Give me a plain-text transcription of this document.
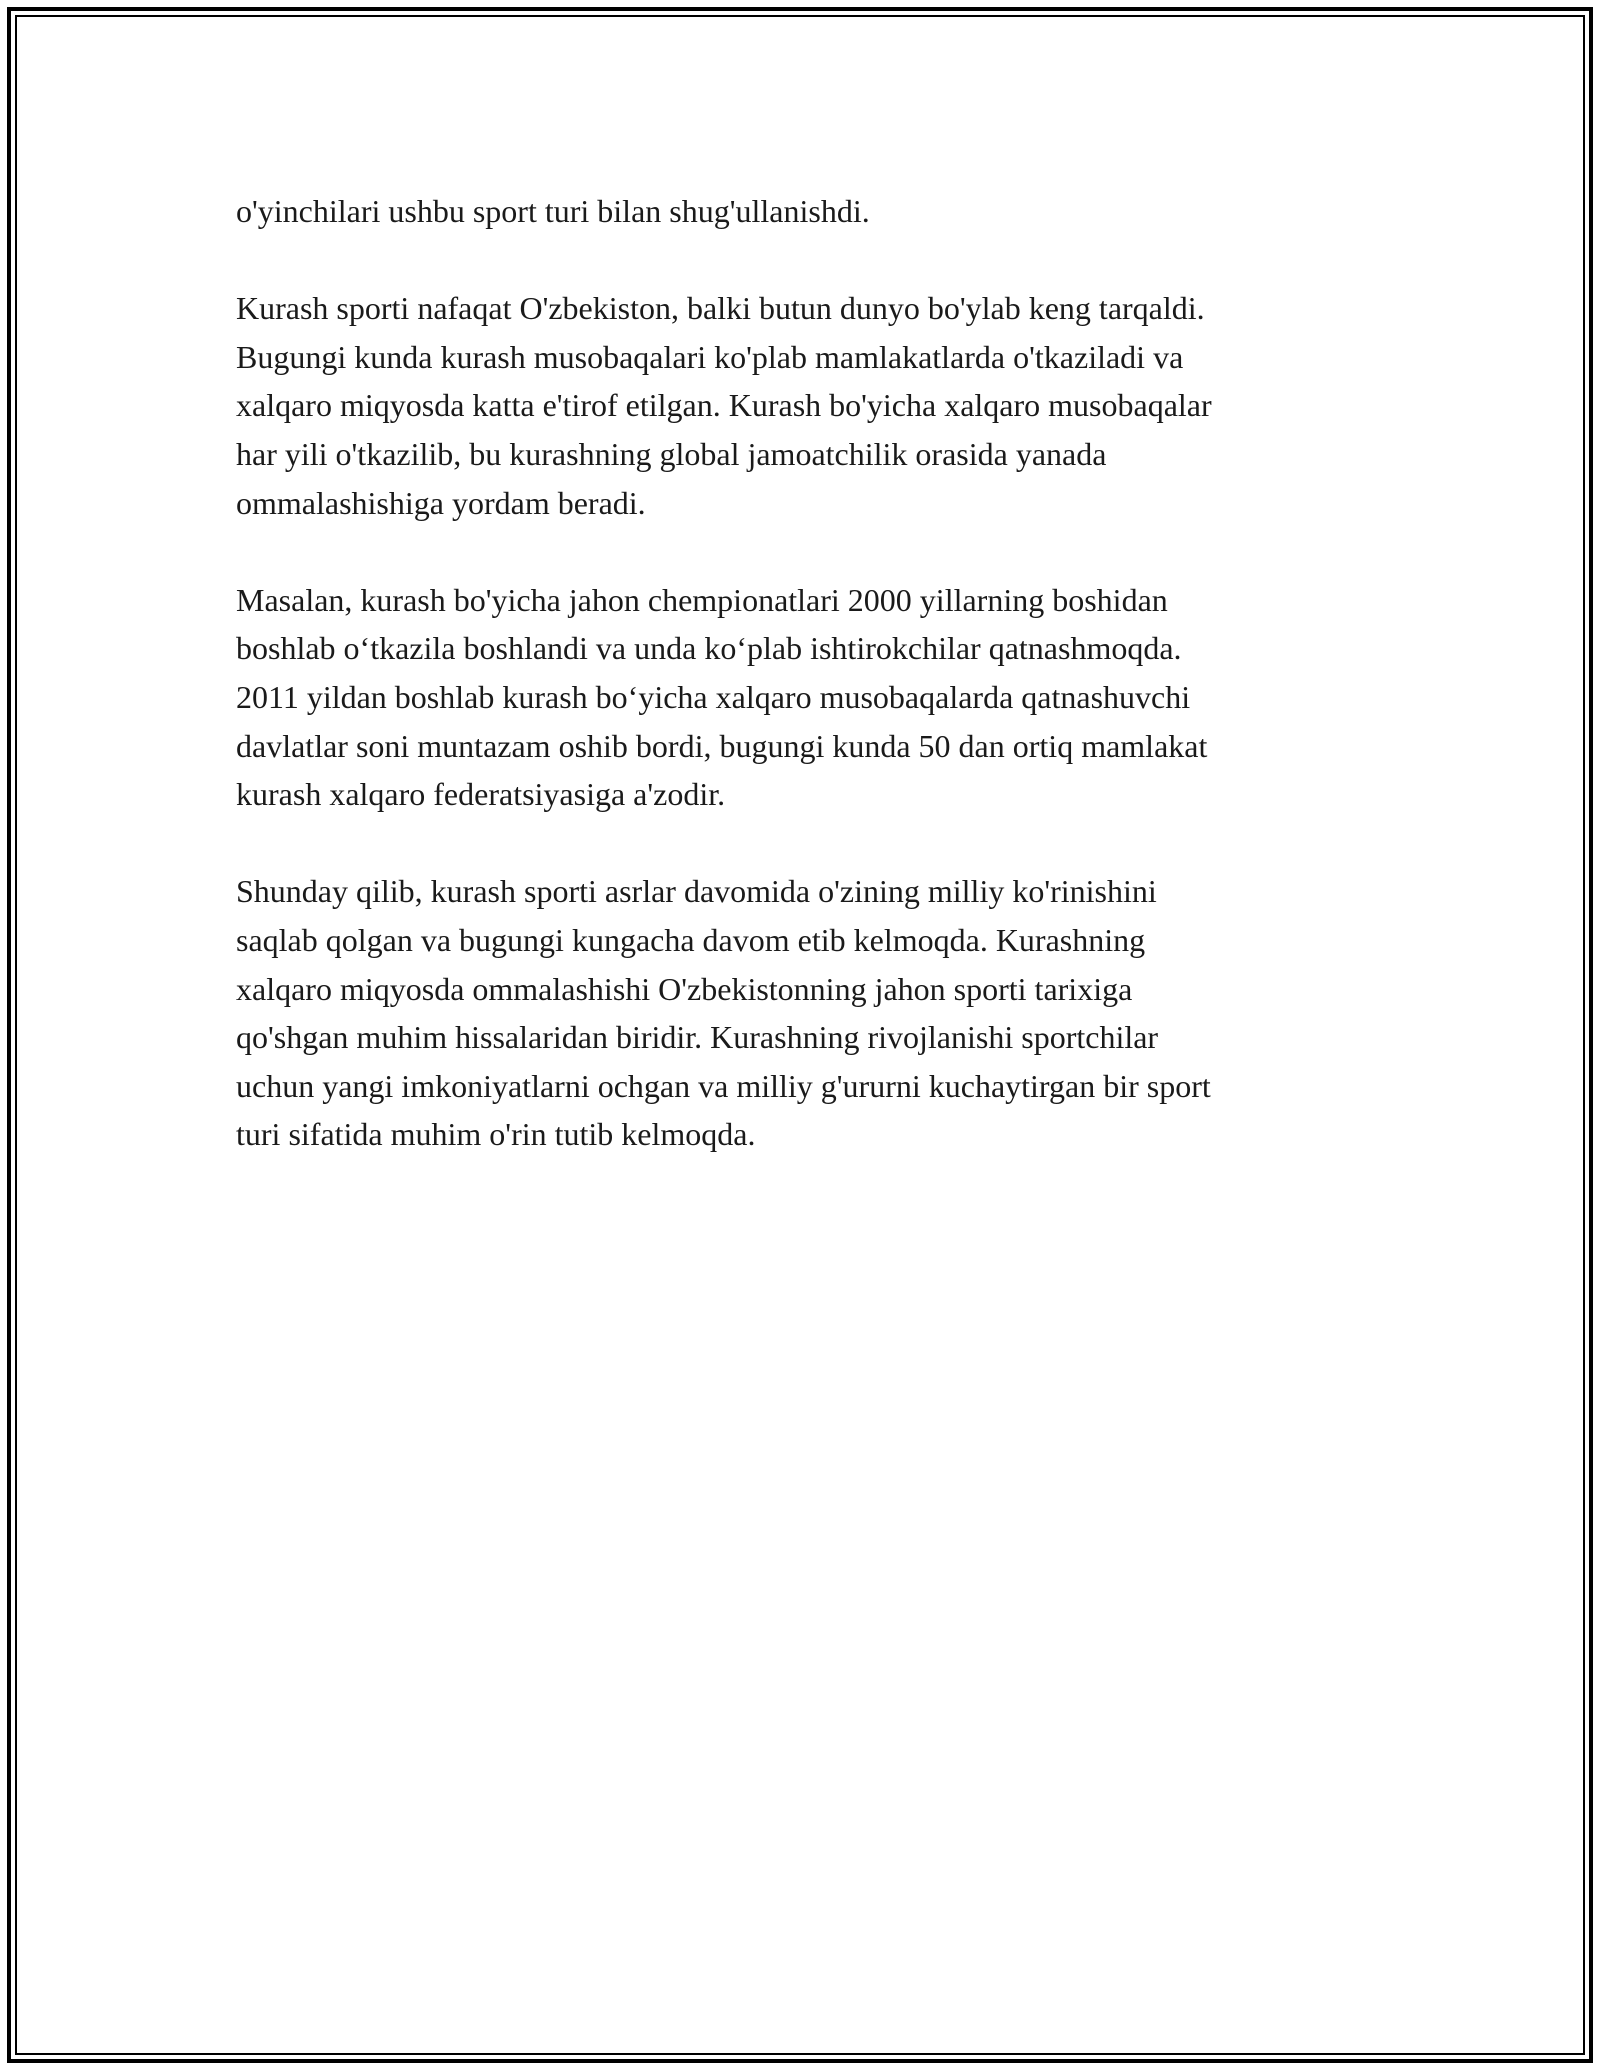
o'yinchilari ushbu sport turi bilan shug'ullanishdi.

Kurash sporti nafaqat O'zbekiston, balki butun dunyo bo'ylab keng tarqaldi.
Bugungi kunda kurash musobaqalari ko'plab mamlakatlarda o'tkaziladi va
xalqaro miqyosda katta e'tirof etilgan. Kurash bo'yicha xalqaro musobaqalar
har yili o'tkazilib, bu kurashning global jamoatchilik orasida yanada
ommalashishiga yordam beradi.

Masalan, kurash bo'yicha jahon chempionatlari 2000 yillarning boshidan
boshlab o‘tkazila boshlandi va unda ko‘plab ishtirokchilar qatnashmoqda.
2011 yildan boshlab kurash bo‘yicha xalqaro musobaqalarda qatnashuvchi
davlatlar soni muntazam oshib bordi, bugungi kunda 50 dan ortiq mamlakat
kurash xalqaro federatsiyasiga a'zodir.

Shunday qilib, kurash sporti asrlar davomida o'zining milliy ko'rinishini
saqlab qolgan va bugungi kungacha davom etib kelmoqda. Kurashning
xalqaro miqyosda ommalashishi O'zbekistonning jahon sporti tarixiga
qo'shgan muhim hissalaridan biridir. Kurashning rivojlanishi sportchilar
uchun yangi imkoniyatlarni ochgan va milliy g'ururni kuchaytirgan bir sport
turi sifatida muhim o'rin tutib kelmoqda.
